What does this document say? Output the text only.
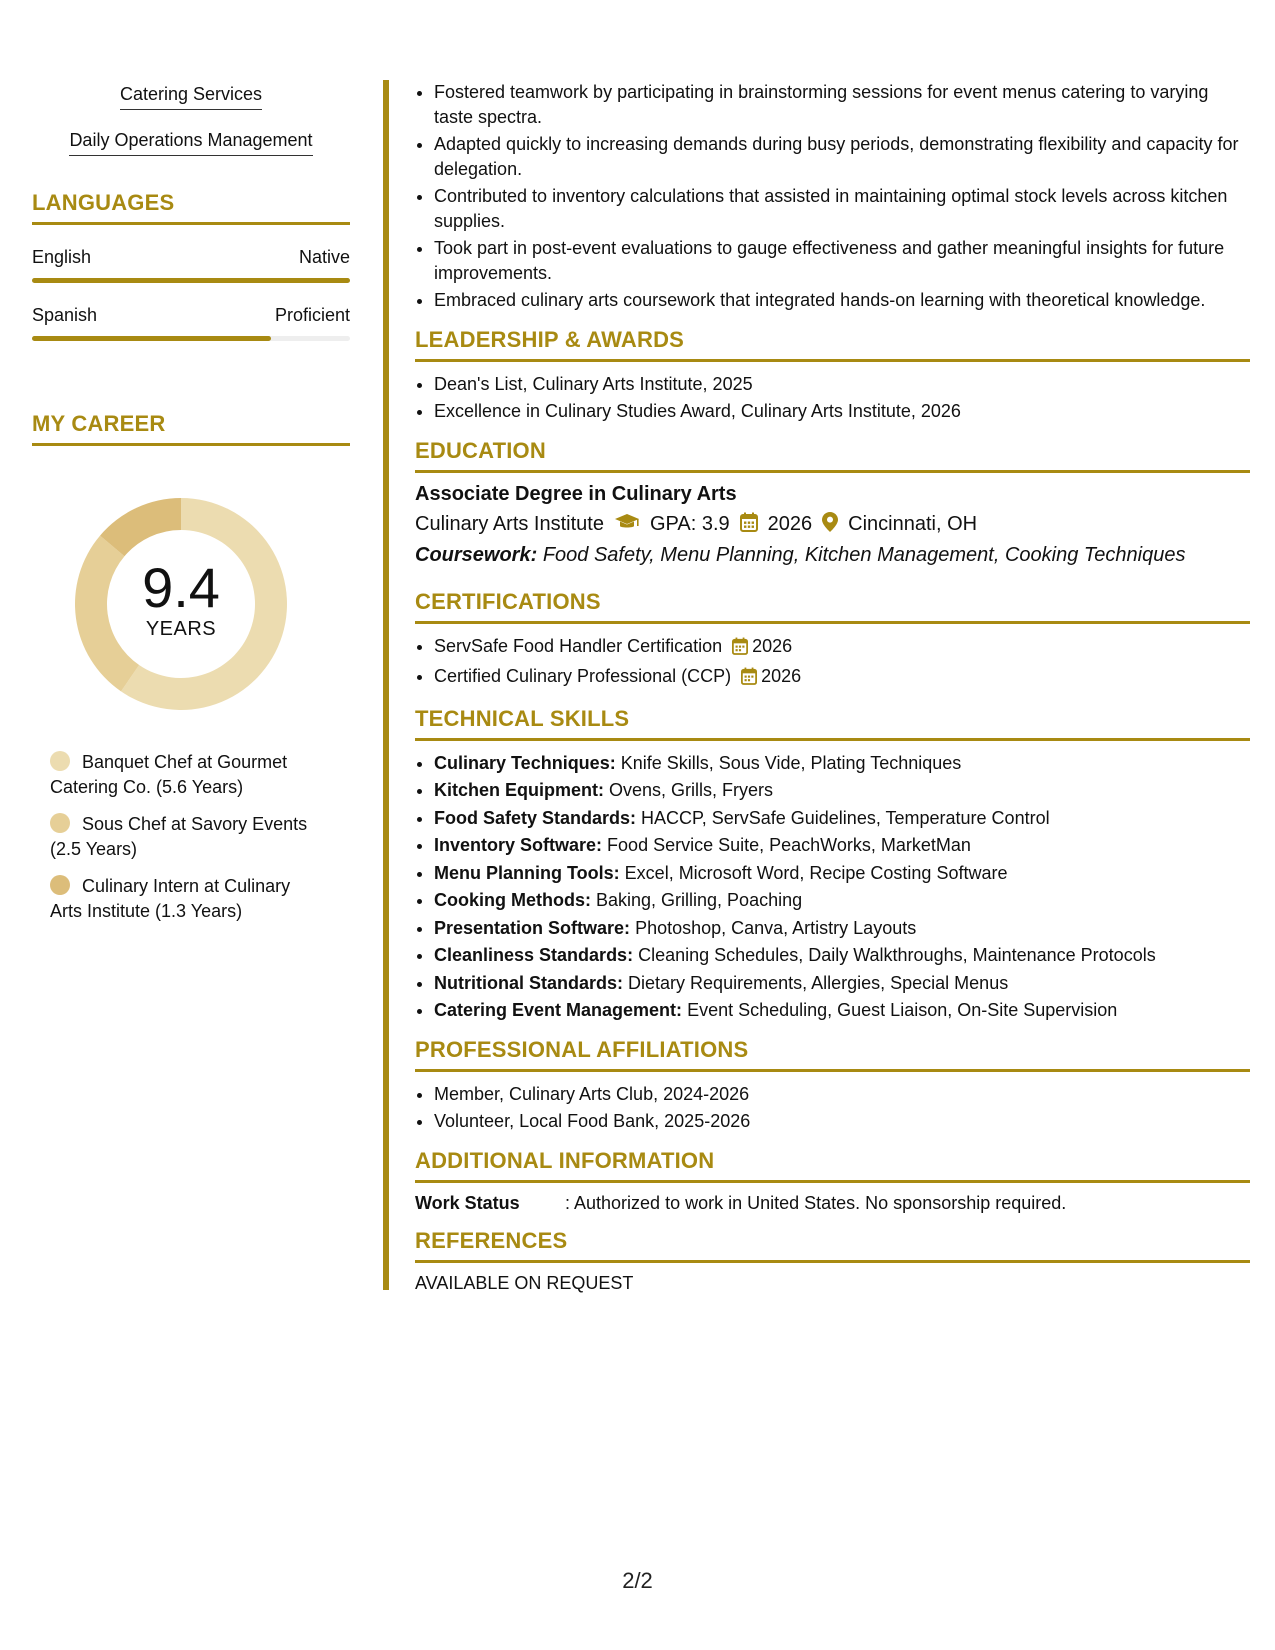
Catering Services
Daily Operations Management
LANGUAGES
English	Native
Spanish	Proficient
MY CAREER
9.4
YEARS
Banquet Chef at Gourmet Catering Co. (5.6 Years)
Sous Chef at Savory Events (2.5 Years)
Culinary Intern at Culinary Arts Institute (1.3 Years)
• Fostered teamwork by participating in brainstorming sessions for event menus catering to varying taste spectra.
• Adapted quickly to increasing demands during busy periods, demonstrating flexibility and capacity for delegation.
• Contributed to inventory calculations that assisted in maintaining optimal stock levels across kitchen supplies.
• Took part in post-event evaluations to gauge effectiveness and gather meaningful insights for future improvements.
• Embraced culinary arts coursework that integrated hands-on learning with theoretical knowledge.
LEADERSHIP & AWARDS
• Dean's List, Culinary Arts Institute, 2025
• Excellence in Culinary Studies Award, Culinary Arts Institute, 2026
EDUCATION
Associate Degree in Culinary Arts
Culinary Arts Institute GPA: 3.9 2026 Cincinnati, OH
Coursework: Food Safety, Menu Planning, Kitchen Management, Cooking Techniques
CERTIFICATIONS
• ServSafe Food Handler Certification 2026
• Certified Culinary Professional (CCP) 2026
TECHNICAL SKILLS
• Culinary Techniques: Knife Skills, Sous Vide, Plating Techniques
• Kitchen Equipment: Ovens, Grills, Fryers
• Food Safety Standards: HACCP, ServSafe Guidelines, Temperature Control
• Inventory Software: Food Service Suite, PeachWorks, MarketMan
• Menu Planning Tools: Excel, Microsoft Word, Recipe Costing Software
• Cooking Methods: Baking, Grilling, Poaching
• Presentation Software: Photoshop, Canva, Artistry Layouts
• Cleanliness Standards: Cleaning Schedules, Daily Walkthroughs, Maintenance Protocols
• Nutritional Standards: Dietary Requirements, Allergies, Special Menus
• Catering Event Management: Event Scheduling, Guest Liaison, On-Site Supervision
PROFESSIONAL AFFILIATIONS
• Member, Culinary Arts Club, 2024-2026
• Volunteer, Local Food Bank, 2025-2026
ADDITIONAL INFORMATION
Work Status	: Authorized to work in United States. No sponsorship required.
REFERENCES
AVAILABLE ON REQUEST
2/2
